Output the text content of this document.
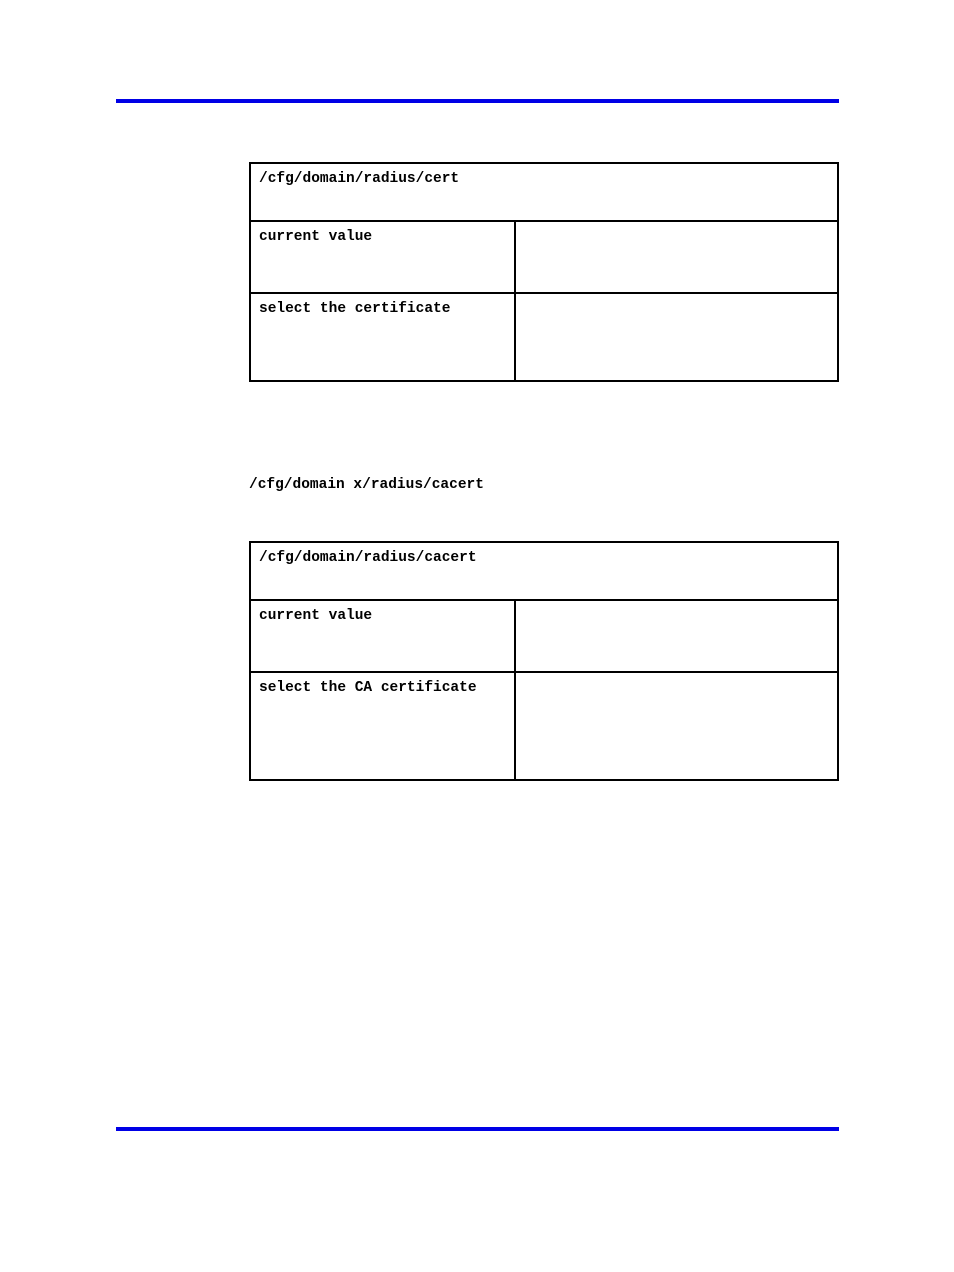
/cfg/domain/radius/cert
current value
select the certificate
/cfg/domain x/radius/cacert
/cfg/domain/radius/cacert
current value
select the CA certificate
